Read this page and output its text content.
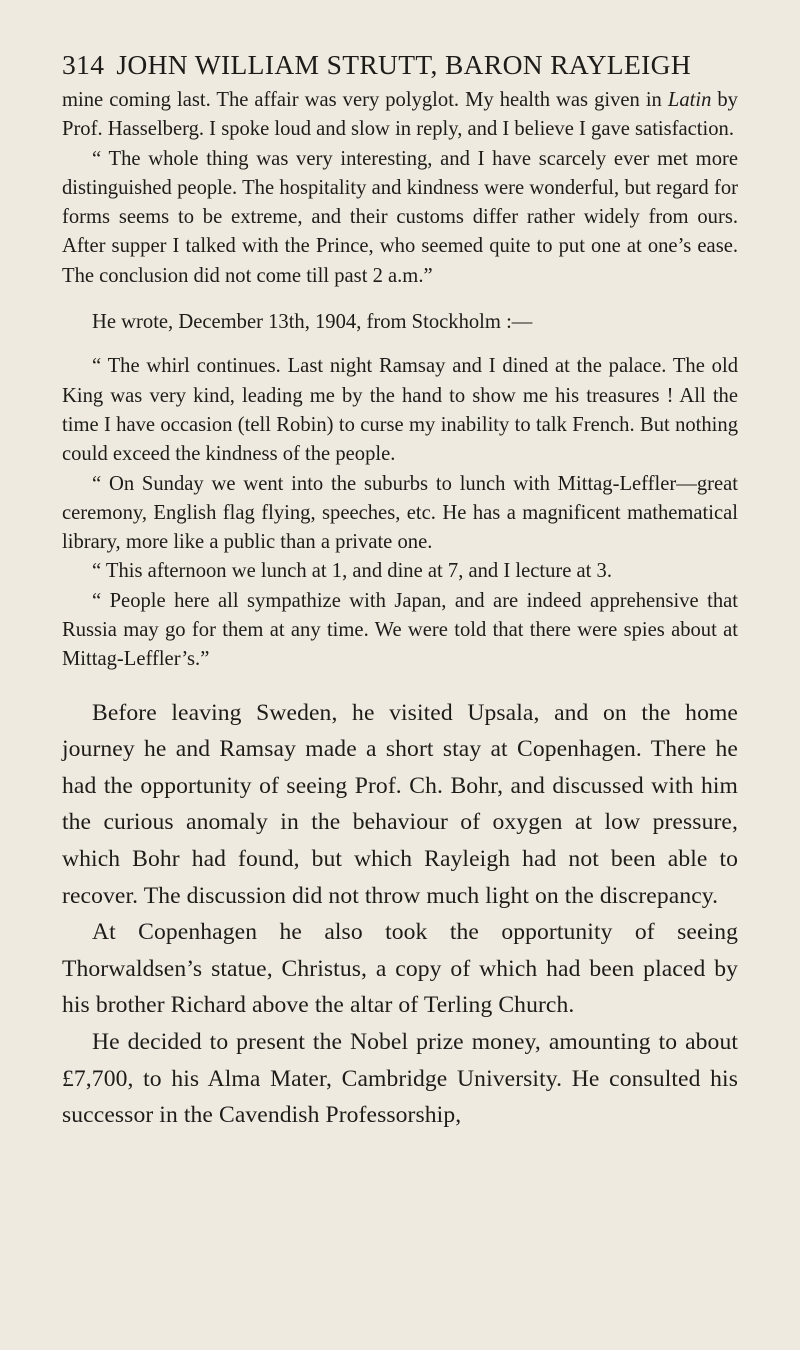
314 JOHN WILLIAM STRUTT, BARON RAYLEIGH

mine coming last. The affair was very polyglot. My health was given in Latin by Prof. Hasselberg. I spoke loud and slow in reply, and I believe I gave satisfaction.

“ The whole thing was very interesting, and I have scarcely ever met more distinguished people. The hospitality and kindness were wonderful, but regard for forms seems to be extreme, and their customs differ rather widely from ours. After supper I talked with the Prince, who seemed quite to put one at one’s ease. The conclusion did not come till past 2 a.m.”

He wrote, December 13th, 1904, from Stockholm :—

“ The whirl continues. Last night Ramsay and I dined at the palace. The old King was very kind, leading me by the hand to show me his treasures ! All the time I have occasion (tell Robin) to curse my inability to talk French. But nothing could exceed the kindness of the people.

“ On Sunday we went into the suburbs to lunch with Mittag-Leffler—great ceremony, English flag flying, speeches, etc. He has a magnificent mathematical library, more like a public than a private one.

“ This afternoon we lunch at 1, and dine at 7, and I lecture at 3.

“ People here all sympathize with Japan, and are indeed apprehensive that Russia may go for them at any time. We were told that there were spies about at Mittag-Leffler’s.”

Before leaving Sweden, he visited Upsala, and on the home journey he and Ramsay made a short stay at Copenhagen. There he had the opportunity of seeing Prof. Ch. Bohr, and discussed with him the curious anomaly in the behaviour of oxygen at low pressure, which Bohr had found, but which Rayleigh had not been able to recover. The discussion did not throw much light on the discrepancy.

At Copenhagen he also took the opportunity of seeing Thorwaldsen’s statue, Christus, a copy of which had been placed by his brother Richard above the altar of Terling Church.

He decided to present the Nobel prize money, amounting to about £7,700, to his Alma Mater, Cambridge University. He consulted his successor in the Cavendish Professorship,
